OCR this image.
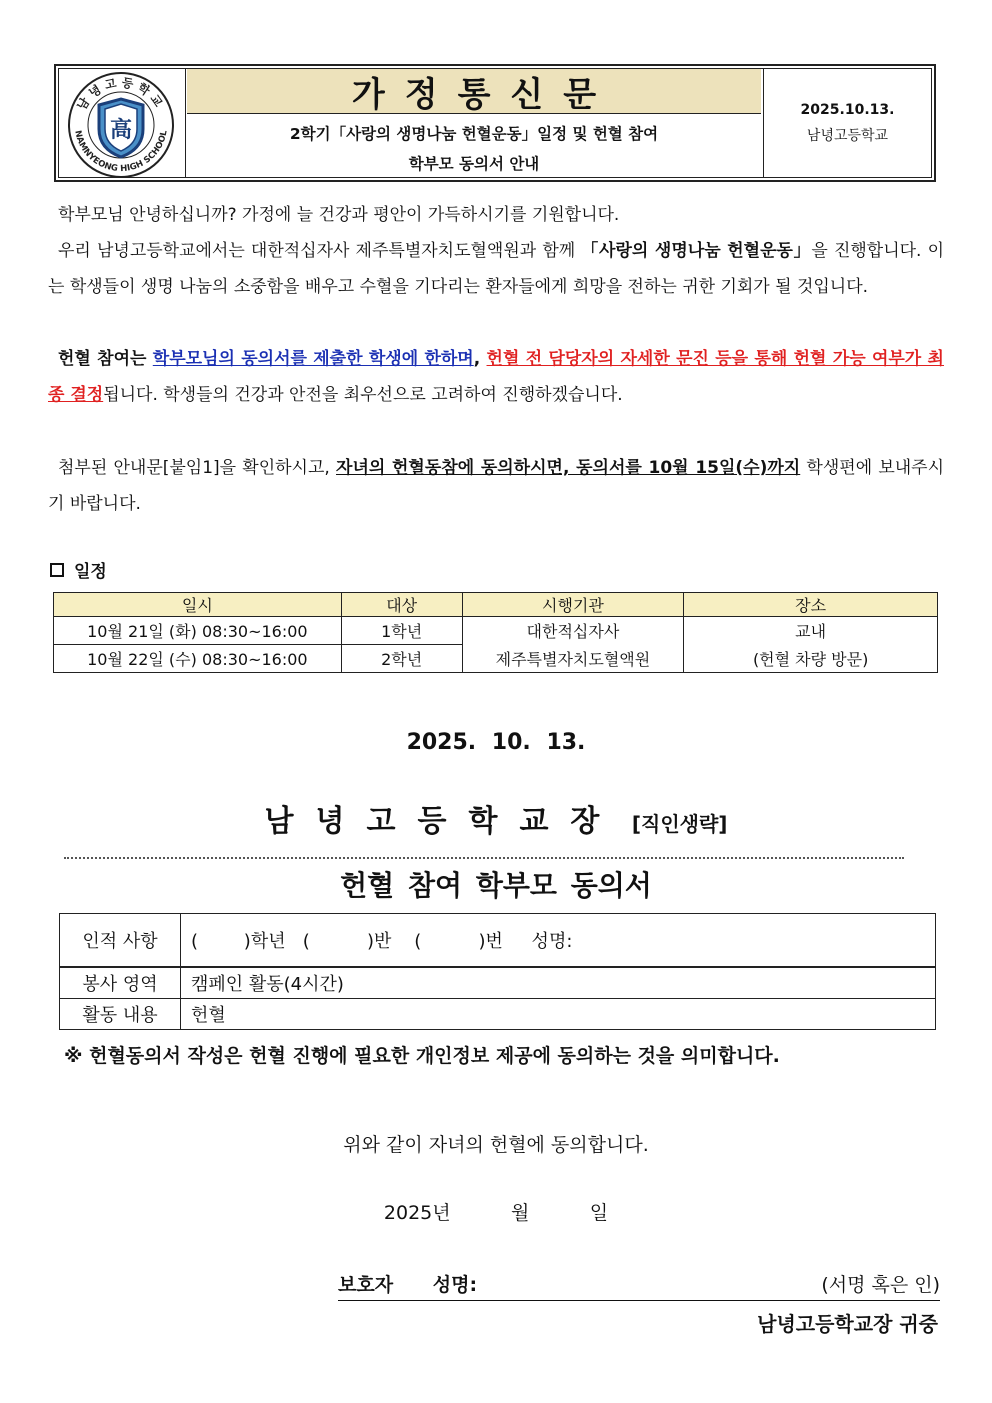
남녕고등학교
NAMNYEONG HIGH SCHOOL
高
가정통신문
2학기「사랑의 생명나눔 헌혈운동」일정 및 헌혈 참여
학부모 동의서 안내
2025.10.13.
남녕고등학교
학부모님 안녕하십니까? 가정에 늘 건강과 평안이 가득하시기를 기원합니다.
우리 남녕고등학교에서는 대한적십자사 제주특별자치도혈액원과 함께 「사랑의 생명나눔 헌혈운동」을 진행합니다. 이는 학생들이 생명 나눔의 소중함을 배우고 수혈을 기다리는 환자들에게 희망을 전하는 귀한 기회가 될 것입니다.
헌혈 참여는 학부모님의 동의서를 제출한 학생에 한하며, 헌혈 전 담당자의 자세한 문진 등을 통해 헌혈 가능 여부가 최종 결정됩니다. 학생들의 건강과 안전을 최우선으로 고려하여 진행하겠습니다.
첨부된 안내문[붙임1]을 확인하시고, 자녀의 헌혈동참에 동의하시면, 동의서를 10월 15일(수)까지 학생편에 보내주시기 바랍니다.
일정
일시	대상	시행기관	장소
10월 21일 (화) 08:30~16:00	1학년	대한적십자사	교내
10월 22일 (수) 08:30~16:00	2학년	제주특별자치도혈액원	(헌혈 차량 방문)
2025. 10. 13.
남녕고등학교장 [직인생략]
헌혈 참여 학부모 동의서
인적 사항	(        )학년   (          )반    (          )번     성명:

봉사 영역	캠페인 활동(4시간)
활동 내용	헌혈
※ 헌혈동의서 작성은 헌혈 진행에 필요한 개인정보 제공에 동의하는 것을 의미합니다.
위와 같이 자녀의 헌혈에 동의합니다.
2025년          월          일
보호자      성명:	(서명 혹은 인)
남녕고등학교장 귀중
